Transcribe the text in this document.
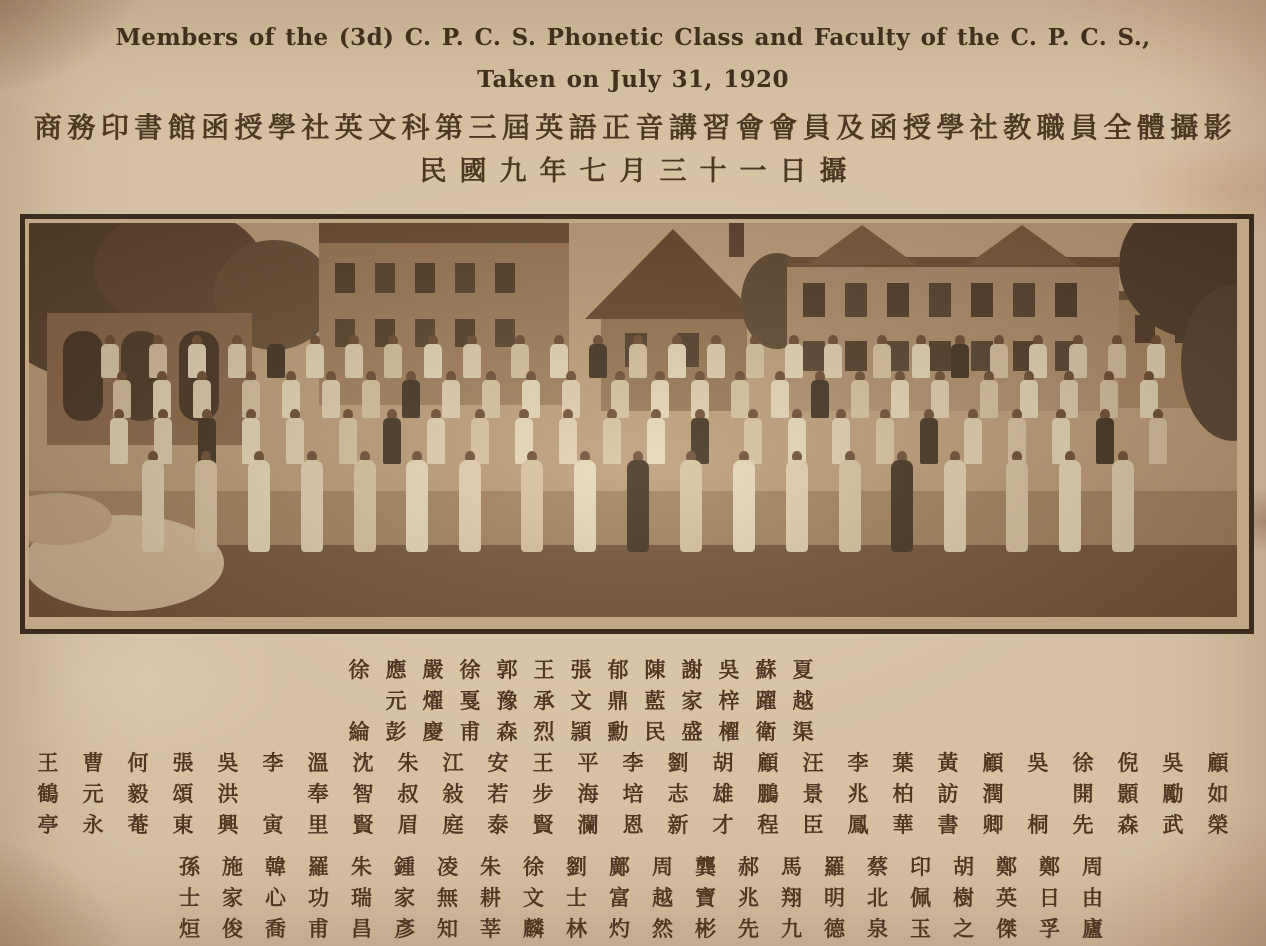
Members of the (3d) C. P. C. S. Phonetic Class and Faculty of the C. P. C. S.,
Taken on July 31, 1920
商 務 印 書 館 函 授 學 社 英 文 科 第 三 屆 英 語 正 音 講 習 會 會 員 及 函 授 學 社 教 職 員 全 體 攝 影
民 國 九 年 七 月 三 十 一 日 攝
徐
綸
應
元
彭
嚴
燿
慶
徐
戛
甫
郭
豫
森
王
承
烈
張
文
頴
郁
鼎
勳
陳
藍
民
謝
家
盛
吳
梓
櫂
蘇
躍
衛
夏
越
渠
王
鶴
亭
曹
元
永
何
毅
菴
張
頌
東
吳
洪
興
李
寅
溫
奉
里
沈
智
賢
朱
叔
眉
江
敍
庭
安
若
泰
王
步
賢
平
海
瀾
李
培
恩
劉
志
新
胡
雄
才
顧
鵬
程
汪
景
臣
李
兆
鳳
葉
柏
華
黃
訪
書
顧
潤
卿
吳
桐
徐
開
先
倪
顥
森
吳
勵
武
顧
如
榮
孫
士
烜
施
家
俊
韓
心
喬
羅
功
甫
朱
瑞
昌
鍾
家
彥
凌
無
知
朱
耕
莘
徐
文
麟
劉
士
林
鄺
富
灼
周
越
然
龔
寶
彬
郝
兆
先
馬
翔
九
羅
明
德
蔡
北
泉
印
佩
玉
胡
樹
之
鄭
英
傑
鄭
日
孚
周
由
廬
